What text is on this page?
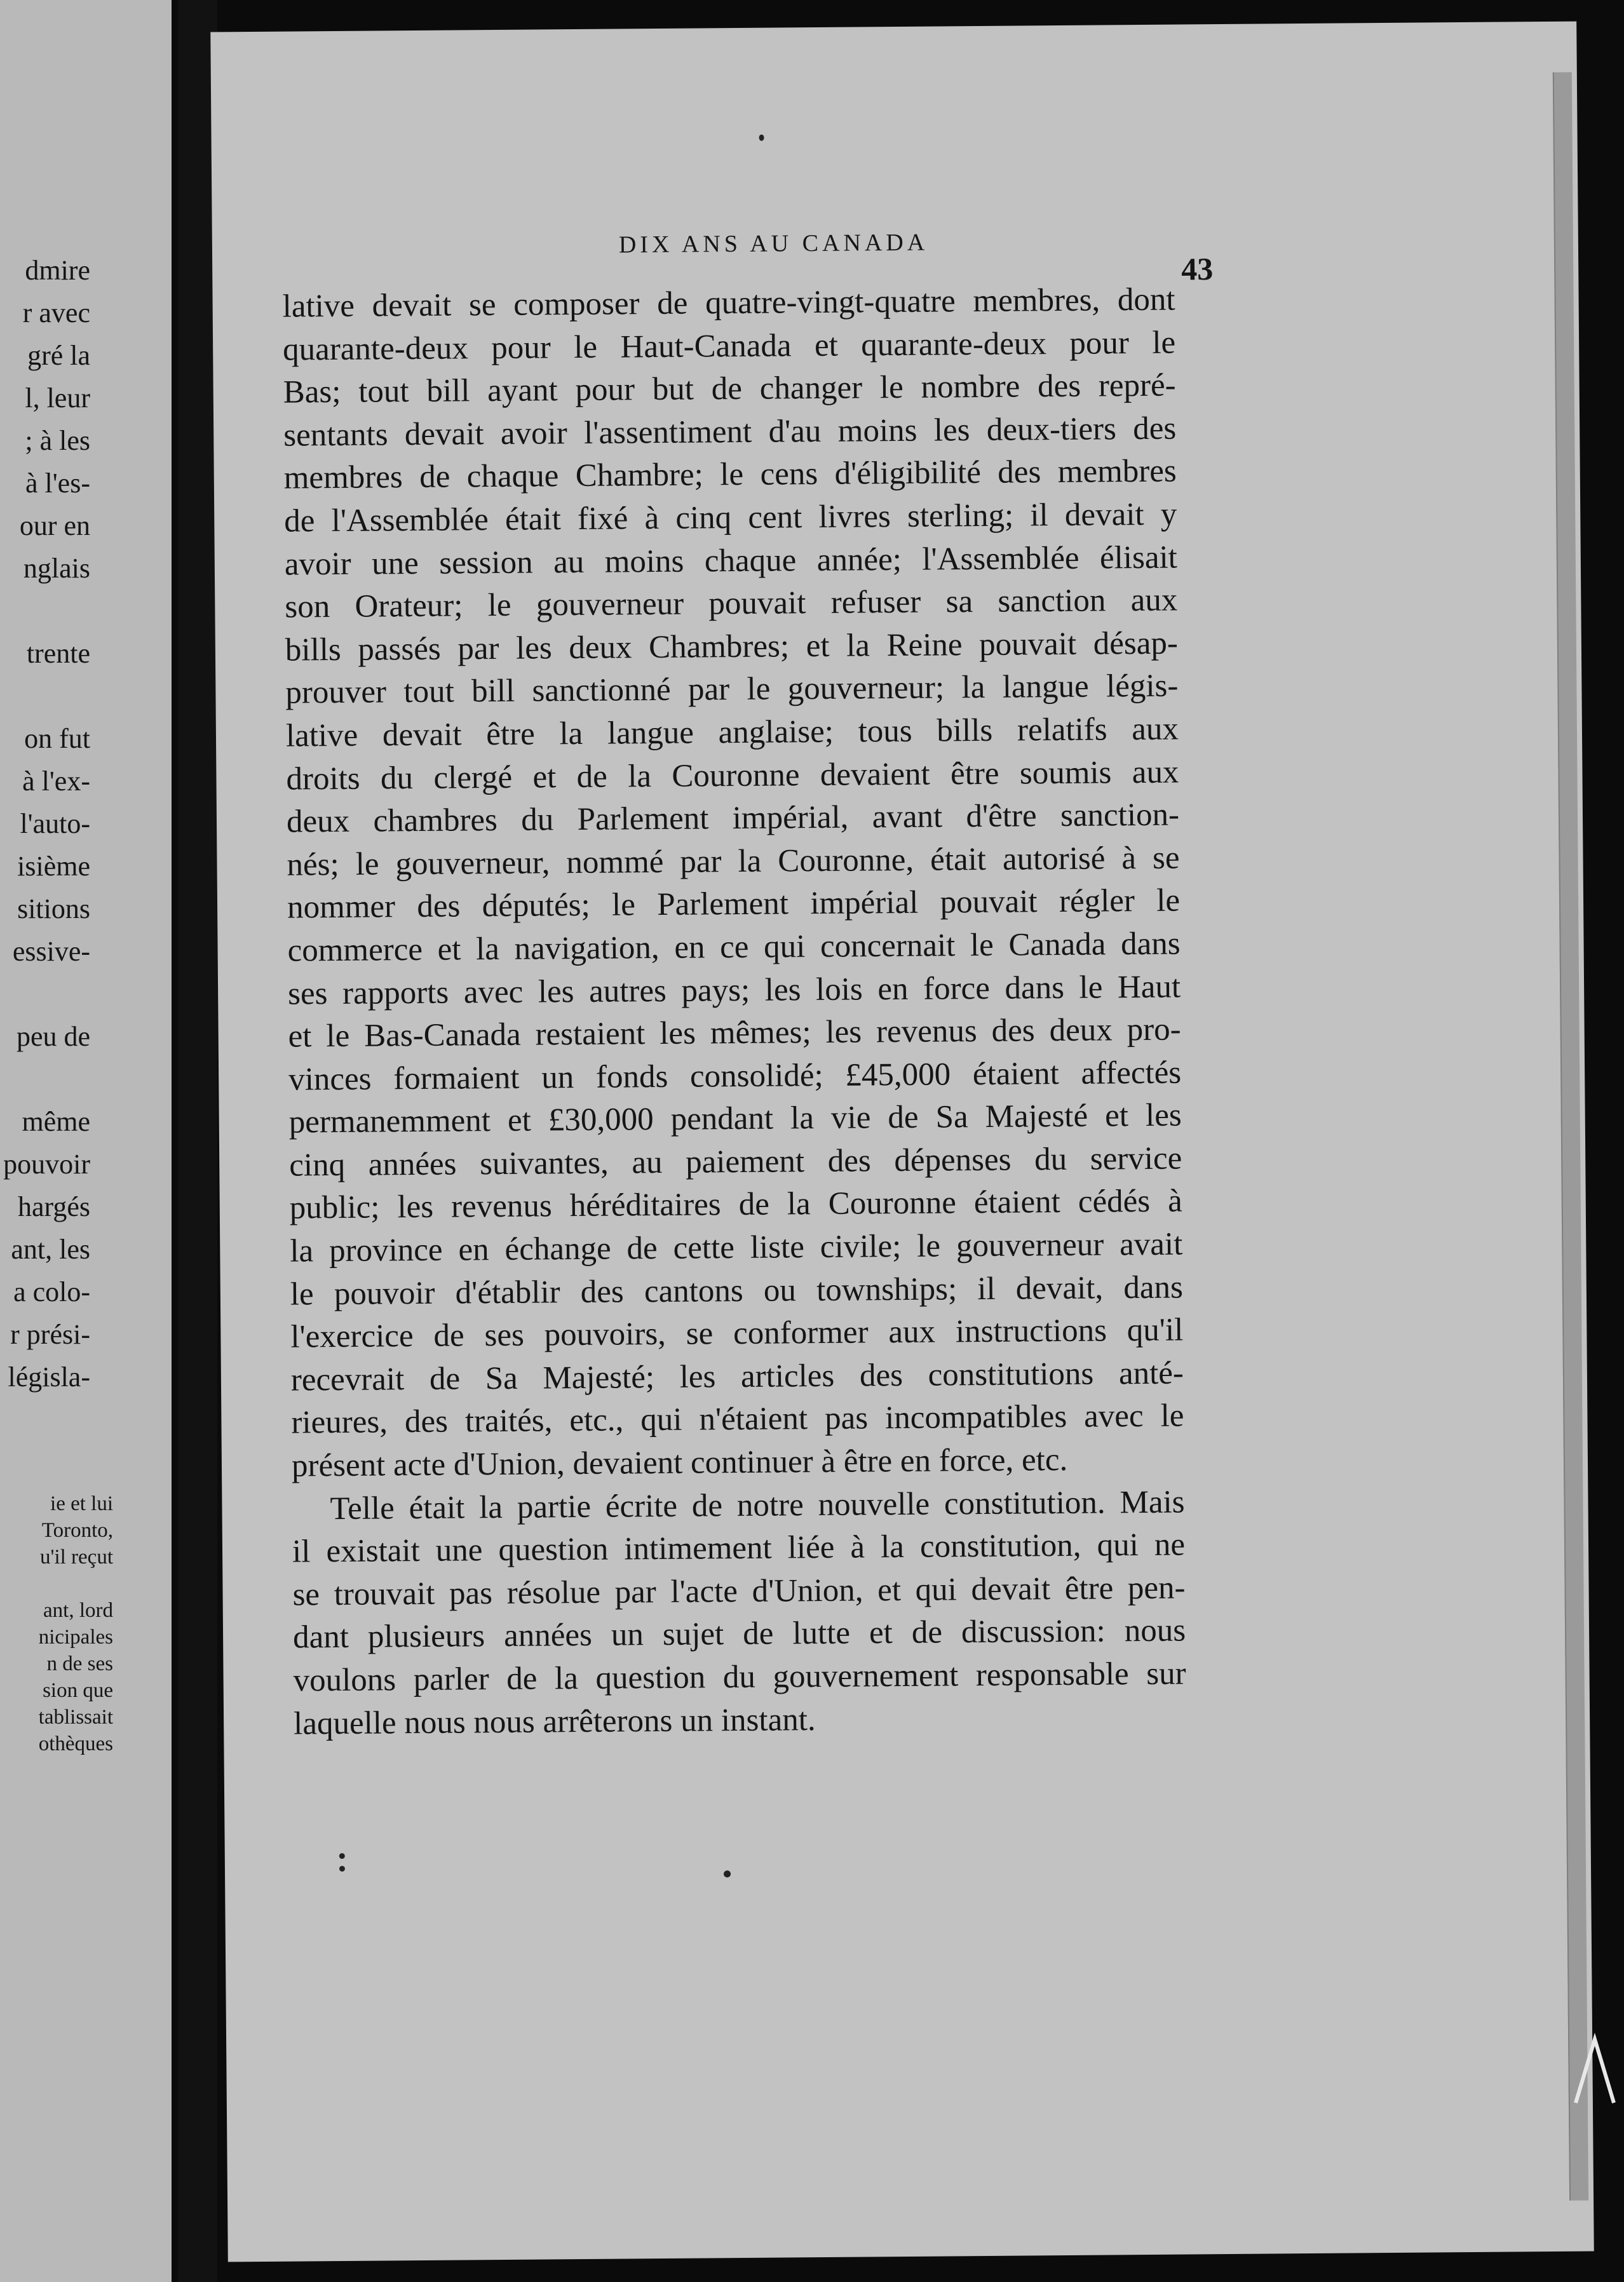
dmire
r avec
gré la
l, leur
; à les
à l'es-
our en
nglais
trente
on fut
à l'ex-
l'auto-
isième
sitions
essive-
peu de
même
pouvoir
hargés
ant, les
a colo-
r prési-
législa-
ie et lui
Toronto,
u'il reçut
ant, lord
nicipales
n de ses
sion que
tablissait
othèques
DIX ANS AU CANADA
43
lative devait se composer de quatre-vingt-quatre membres, dont
quarante-deux pour le Haut-Canada et quarante-deux pour le
Bas; tout bill ayant pour but de changer le nombre des repré-
sentants devait avoir l'assentiment d'au moins les deux-tiers des
membres de chaque Chambre; le cens d'éligibilité des membres
de l'Assemblée était fixé à cinq cent livres sterling; il devait y
avoir une session au moins chaque année; l'Assemblée élisait
son Orateur; le gouverneur pouvait refuser sa sanction aux
bills passés par les deux Chambres; et la Reine pouvait désap-
prouver tout bill sanctionné par le gouverneur; la langue légis-
lative devait être la langue anglaise; tous bills relatifs aux
droits du clergé et de la Couronne devaient être soumis aux
deux chambres du Parlement impérial, avant d'être sanction-
nés; le gouverneur, nommé par la Couronne, était autorisé à se
nommer des députés; le Parlement impérial pouvait régler le
commerce et la navigation, en ce qui concernait le Canada dans
ses rapports avec les autres pays; les lois en force dans le Haut
et le Bas-Canada restaient les mêmes; les revenus des deux pro-
vinces formaient un fonds consolidé; £45,000 étaient affectés
permanemment et £30,000 pendant la vie de Sa Majesté et les
cinq années suivantes, au paiement des dépenses du service
public; les revenus héréditaires de la Couronne étaient cédés à
la province en échange de cette liste civile; le gouverneur avait
le pouvoir d'établir des cantons ou townships; il devait, dans
l'exercice de ses pouvoirs, se conformer aux instructions qu'il
recevrait de Sa Majesté; les articles des constitutions anté-
rieures, des traités, etc., qui n'étaient pas incompatibles avec le
présent acte d'Union, devaient continuer à être en force, etc.
Telle était la partie écrite de notre nouvelle constitution. Mais
il existait une question intimement liée à la constitution, qui ne
se trouvait pas résolue par l'acte d'Union, et qui devait être pen-
dant plusieurs années un sujet de lutte et de discussion: nous
voulons parler de la question du gouvernement responsable sur
laquelle nous nous arrêterons un instant.
